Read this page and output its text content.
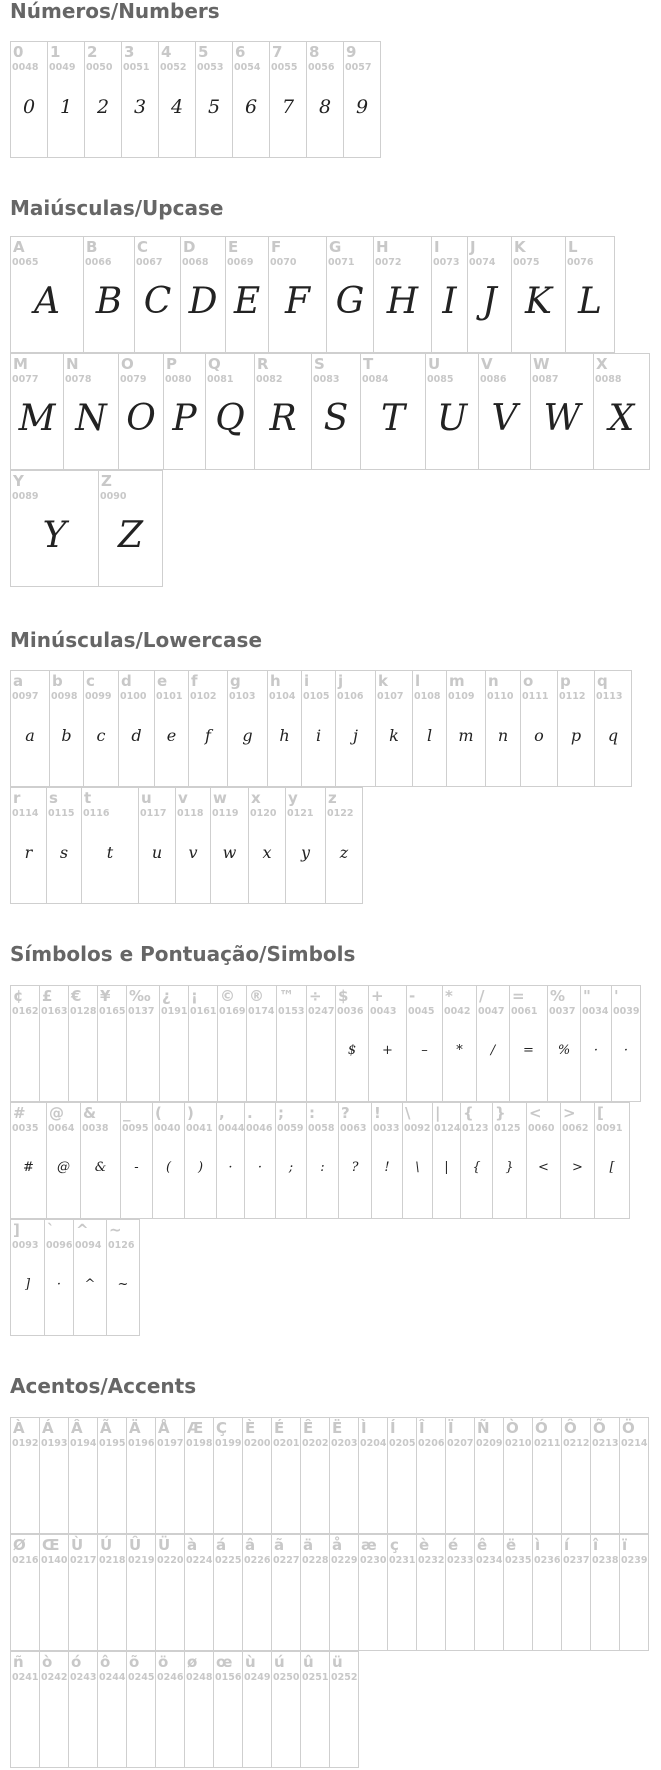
Números/Numbers
0
0048
0
1
0049
1
2
0050
2
3
0051
3
4
0052
4
5
0053
5
6
0054
6
7
0055
7
8
0056
8
9
0057
9
Maiúsculas/Upcase
A
0065
A
B
0066
B
C
0067
C
D
0068
D
E
0069
E
F
0070
F
G
0071
G
H
0072
H
I
0073
I
J
0074
J
K
0075
K
L
0076
L
M
0077
M
N
0078
N
O
0079
O
P
0080
P
Q
0081
Q
R
0082
R
S
0083
S
T
0084
T
U
0085
U
V
0086
V
W
0087
W
X
0088
X
Y
0089
Y
Z
0090
Z
Minúsculas/Lowercase
a
0097
a
b
0098
b
c
0099
c
d
0100
d
e
0101
e
f
0102
f
g
0103
g
h
0104
h
i
0105
i
j
0106
j
k
0107
k
l
0108
l
m
0109
m
n
0110
n
o
0111
o
p
0112
p
q
0113
q
r
0114
r
s
0115
s
t
0116
t
u
0117
u
v
0118
v
w
0119
w
x
0120
x
y
0121
y
z
0122
z
Símbolos e Pontuação/Simbols
¢
0162
£
0163
€
0128
¥
0165
‰
0137
¿
0191
¡
0161
©
0169
®
0174
™
0153
÷
0247
$
0036
$
+
0043
+
-
0045
–
*
0042
*
/
0047
/
=
0061
=
%
0037
%
"
0034
·
'
0039
·
#
0035
#
@
0064
@
&
0038
&
_
0095
-
(
0040
(
)
0041
)
,
0044
·
.
0046
·
;
0059
;
:
0058
:
?
0063
?
!
0033
!
\
0092
\
|
0124
|
{
0123
{
}
0125
}
<
0060
<
>
0062
>
[
0091
[
]
0093
]
`
0096
·
^
0094
^
~
0126
~
Acentos/Accents
À
0192
Á
0193
Â
0194
Ã
0195
Ä
0196
Å
0197
Æ
0198
Ç
0199
È
0200
É
0201
Ê
0202
Ë
0203
Ì
0204
Í
0205
Î
0206
Ï
0207
Ñ
0209
Ò
0210
Ó
0211
Ô
0212
Õ
0213
Ö
0214
Ø
0216
Œ
0140
Ù
0217
Ú
0218
Û
0219
Ü
0220
à
0224
á
0225
â
0226
ã
0227
ä
0228
å
0229
æ
0230
ç
0231
è
0232
é
0233
ê
0234
ë
0235
ì
0236
í
0237
î
0238
ï
0239
ñ
0241
ò
0242
ó
0243
ô
0244
õ
0245
ö
0246
ø
0248
œ
0156
ù
0249
ú
0250
û
0251
ü
0252
